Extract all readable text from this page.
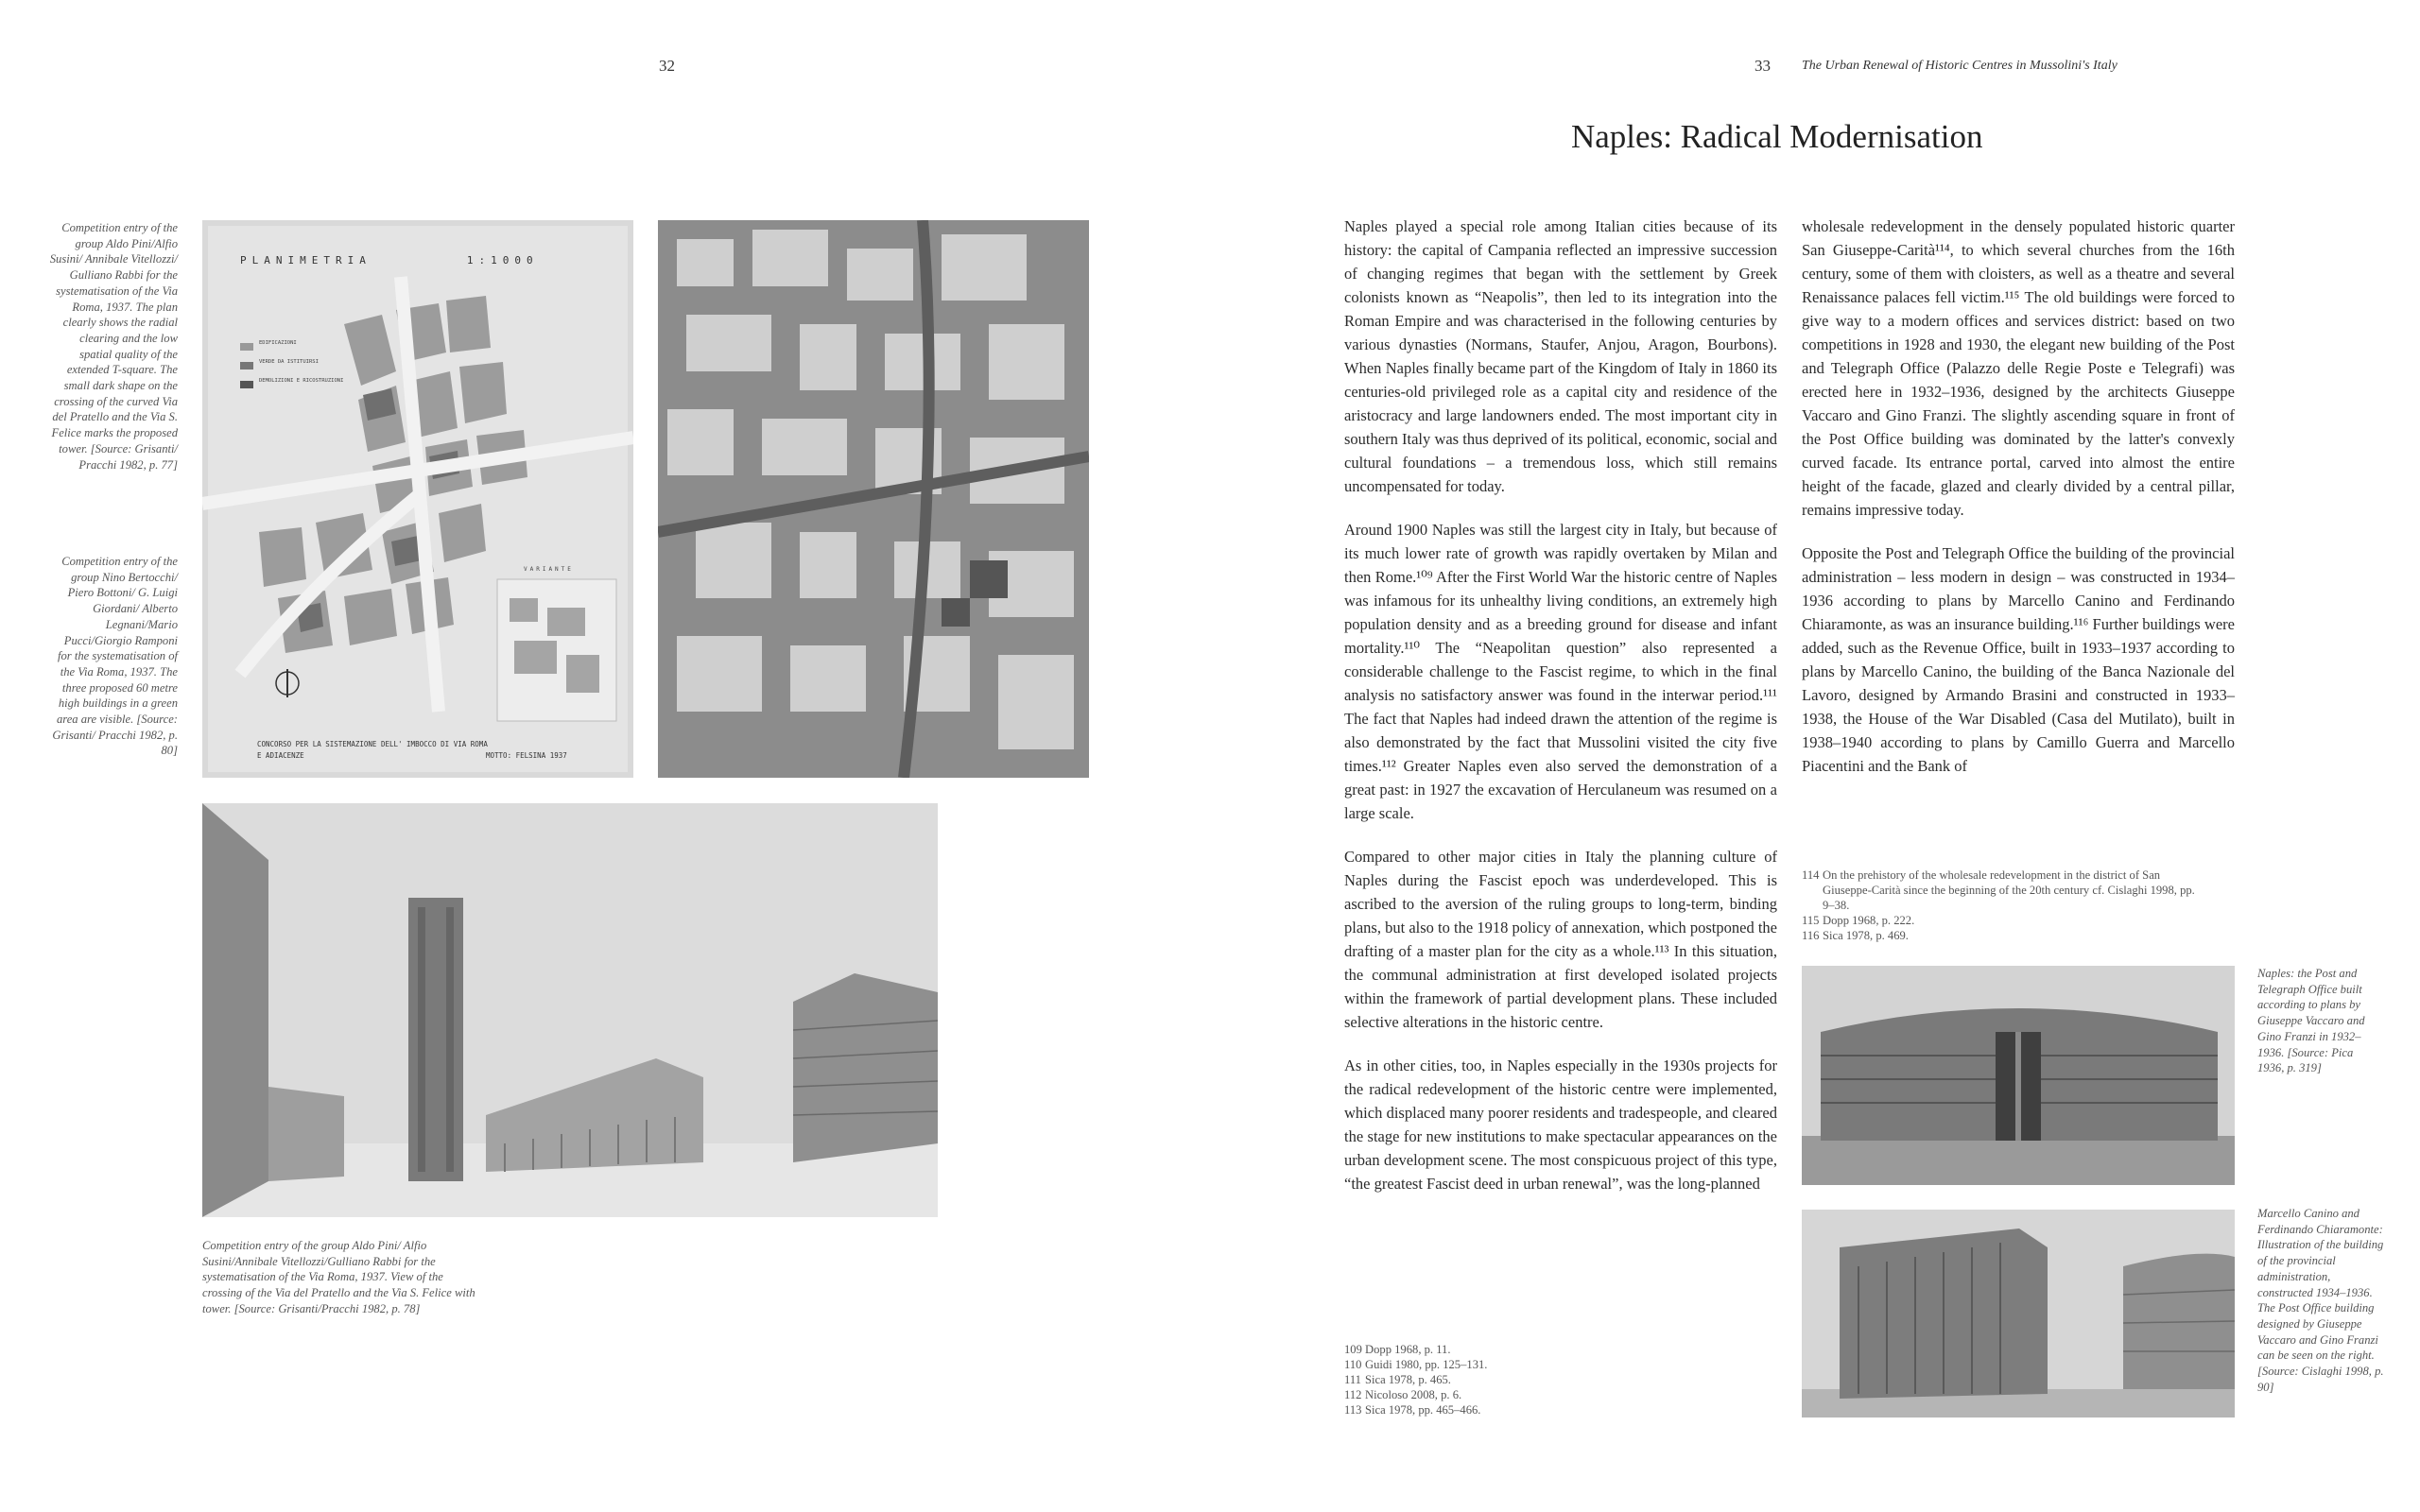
32
Competition entry of the group Aldo Pini/Alfio Susini/ Annibale Vitellozzi/ Gulliano Rabbi for the systematisation of the Via Roma, 1937. The plan clearly shows the radial clearing and the low spatial quality of the extended T-square. The small dark shape on the crossing of the curved Via del Pratello and the Via S. Felice marks the proposed tower. [Source: Grisanti/ Pracchi 1982, p. 77]
Competition entry of the group Nino Bertocchi/ Piero Bottoni/ G. Luigi Giordani/ Alberto Legnani/Mario Pucci/Giorgio Ramponi for the systematisation of the Via Roma, 1937. The three proposed 60 metre high buildings in a green area are visible. [Source: Grisanti/ Pracchi 1982, p. 80]
PLANIMETRIA        1:1000
EDIFICAZIONI
VERDE DA ISTITUIRSI
DEMOLIZIONI E RICOSTRUZIONI
VARIANTE
CONCORSO PER LA SISTEMAZIONE DELL' IMBOCCO DI VIA ROMA
E ADIACENZE	MOTTO: FELSINA 1937
Competition entry of the group Aldo Pini/ Alfio Susini/Annibale Vitellozzi/Gulliano Rabbi for the systematisation of the Via Roma, 1937. View of the crossing of the Via del Pratello and the Via S. Felice with tower. [Source: Grisanti/Pracchi 1982, p. 78]
33 The Urban Renewal of Historic Centres in Mussolini's Italy
Naples: Radical Modernisation

Naples played a special role among Italian cities because of its history: the capital of Campania reflected an impressive succession of changing regimes that began with the settlement by Greek colonists known as “Neapolis”, then led to its integration into the Roman Empire and was characterised in the following centuries by various dynasties (Normans, Staufer, Anjou, Aragon, Bourbons). When Naples finally became part of the Kingdom of Italy in 1860 its centuries-old privileged role as a capital city and residence of the aristocracy and large landowners ended. The most important city in southern Italy was thus deprived of its political, economic, social and cultural foundations – a tremendous loss, which still remains uncompensated for today.

Around 1900 Naples was still the largest city in Italy, but because of its much lower rate of growth was rapidly overtaken by Milan and then Rome.¹⁰⁹ After the First World War the historic centre of Naples was infamous for its unhealthy living conditions, an extremely high population density and as a breeding ground for disease and infant mortality.¹¹⁰ The “Neapolitan question” also represented a considerable challenge to the Fascist regime, to which in the final analysis no satisfactory answer was found in the interwar period.¹¹¹ The fact that Naples had indeed drawn the attention of the regime is also demonstrated by the fact that Mussolini visited the city five times.¹¹² Greater Naples even also served the demonstration of a great past: in 1927 the excavation of Herculaneum was resumed on a large scale.

Compared to other major cities in Italy the planning culture of Naples during the Fascist epoch was underdeveloped. This is ascribed to the aversion of the ruling groups to long-term, binding plans, but also to the 1918 policy of annexation, which postponed the drafting of a master plan for the city as a whole.¹¹³ In this situation, the communal administration at first developed isolated projects within the framework of partial development plans. These included selective alterations in the historic centre.

As in other cities, too, in Naples especially in the 1930s projects for the radical redevelopment of the historic centre were implemented, which displaced many poorer residents and tradespeople, and cleared the stage for new institutions to make spectacular appearances on the urban development scene. The most conspicuous project of this type, “the greatest Fascist deed in urban renewal”, was the long-planned

wholesale redevelopment in the densely populated historic quarter San Giuseppe-Carità¹¹⁴, to which several churches from the 16th century, some of them with cloisters, as well as a theatre and several Renaissance palaces fell victim.¹¹⁵ The old buildings were forced to give way to a modern offices and services district: based on two competitions in 1928 and 1930, the elegant new building of the Post and Telegraph Office (Palazzo delle Regie Poste e Telegrafi) was erected here in 1932–1936, designed by the architects Giuseppe Vaccaro and Gino Franzi. The slightly ascending square in front of the Post Office building was dominated by the latter's convexly curved facade. Its entrance portal, carved into almost the entire height of the facade, glazed and clearly divided by a central pillar, remains impressive today.

Opposite the Post and Telegraph Office the building of the provincial administration – less modern in design – was constructed in 1934–1936 according to plans by Marcello Canino and Ferdinando Chiaramonte, as was an insurance building.¹¹⁶ Further buildings were added, such as the Revenue Office, built in 1933–1937 according to plans by Marcello Canino, the building of the Banca Nazionale del Lavoro, designed by Armando Brasini and constructed in 1933–1938, the House of the War Disabled (Casa del Mutilato), built in 1938–1940 according to plans by Camillo Guerra and Marcello Piacentini and the Bank of

109 Dopp 1968, p. 11.
110 Guidi 1980, pp. 125–131.
111 Sica 1978, p. 465.
112 Nicoloso 2008, p. 6.
113 Sica 1978, pp. 465–466.
114 On the prehistory of the wholesale redevelopment in the district of San Giuseppe-Carità since the beginning of the 20th century cf. Cislaghi 1998, pp. 9–38.
115 Dopp 1968, p. 222.
116 Sica 1978, p. 469.
Naples: the Post and Telegraph Office built according to plans by Giuseppe Vaccaro and Gino Franzi in 1932–1936. [Source: Pica 1936, p. 319]
Marcello Canino and Ferdinando Chiaramonte: Illustration of the building of the provincial administration, constructed 1934–1936. The Post Office building designed by Giuseppe Vaccaro and Gino Franzi can be seen on the right. [Source: Cislaghi 1998, p. 90]
